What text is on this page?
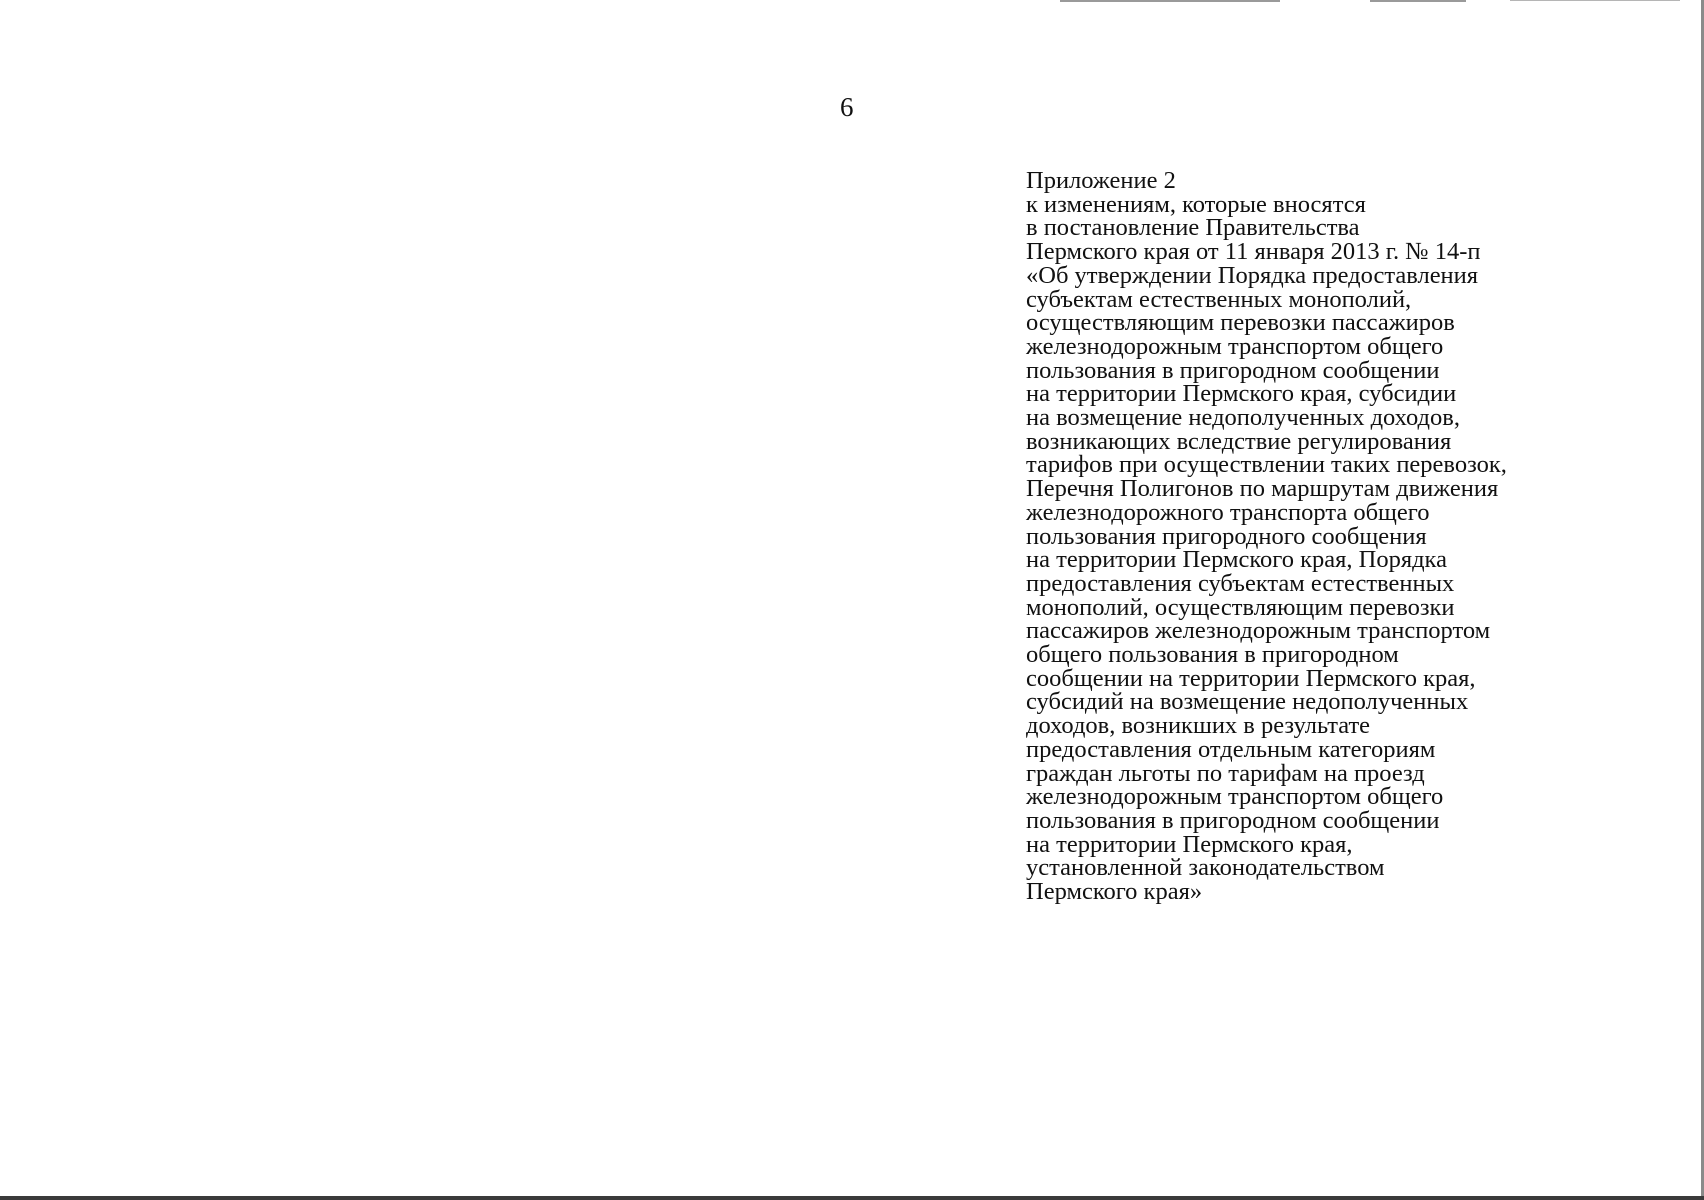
6
Приложение 2
к изменениям, которые вносятся
в постановление Правительства
Пермского края от 11 января 2013 г. № 14-п
«Об утверждении Порядка предоставления
субъектам естественных монополий,
осуществляющим перевозки пассажиров
железнодорожным транспортом общего
пользования в пригородном сообщении
на территории Пермского края, субсидии
на возмещение недополученных доходов,
возникающих вследствие регулирования
тарифов при осуществлении таких перевозок,
Перечня Полигонов по маршрутам движения
железнодорожного транспорта общего
пользования пригородного сообщения
на территории Пермского края, Порядка
предоставления субъектам естественных
монополий, осуществляющим перевозки
пассажиров железнодорожным транспортом
общего пользования в пригородном
сообщении на территории Пермского края,
субсидий на возмещение недополученных
доходов, возникших в результате
предоставления отдельным категориям
граждан льготы по тарифам на проезд
железнодорожным транспортом общего
пользования в пригородном сообщении
на территории Пермского края,
установленной законодательством
Пермского края»
